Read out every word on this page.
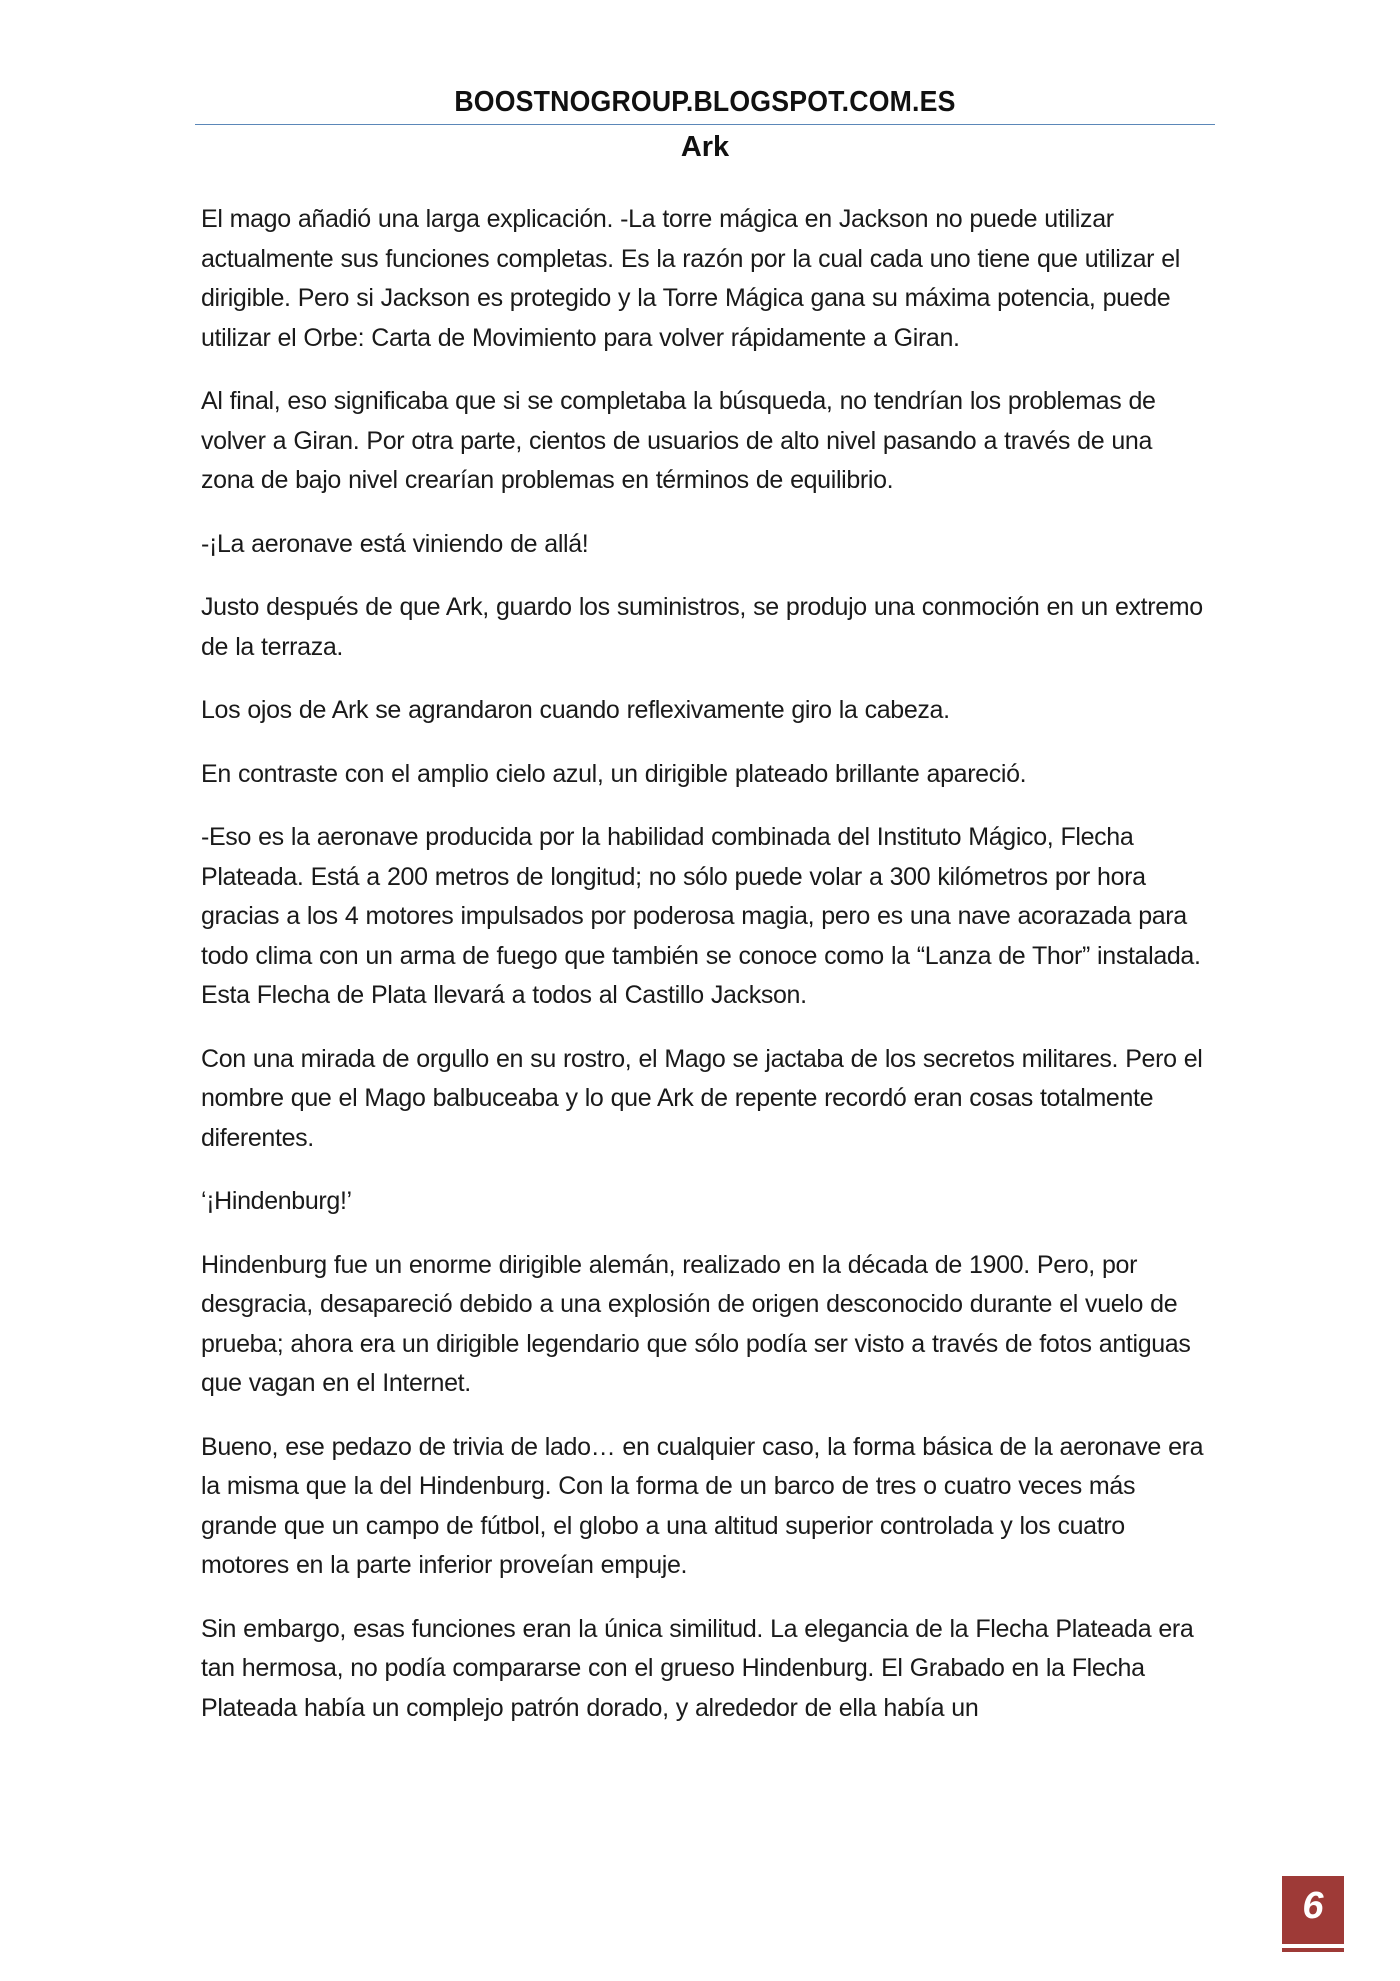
BOOSTNOGROUP.BLOGSPOT.COM.ES
Ark

El mago añadió una larga explicación. -La torre mágica en Jackson no puede utilizar actualmente sus funciones completas. Es la razón por la cual cada uno tiene que utilizar el dirigible. Pero si Jackson es protegido y la Torre Mágica gana su máxima potencia, puede utilizar el Orbe: Carta de Movimiento para volver rápidamente a Giran.

Al final, eso significaba que si se completaba la búsqueda, no tendrían los problemas de volver a Giran. Por otra parte, cientos de usuarios de alto nivel pasando a través de una zona de bajo nivel crearían problemas en términos de equilibrio.

-¡La aeronave está viniendo de allá!

Justo después de que Ark, guardo los suministros, se produjo una conmoción en un extremo de la terraza.

Los ojos de Ark se agrandaron cuando reflexivamente giro la cabeza.

En contraste con el amplio cielo azul, un dirigible plateado brillante apareció.

-Eso es la aeronave producida por la habilidad combinada del Instituto Mágico, Flecha Plateada. Está a 200 metros de longitud; no sólo puede volar a 300 kilómetros por hora gracias a los 4 motores impulsados por poderosa magia, pero es una nave acorazada para todo clima con un arma de fuego que también se conoce como la “Lanza de Thor” instalada. Esta Flecha de Plata llevará a todos al Castillo Jackson.

Con una mirada de orgullo en su rostro, el Mago se jactaba de los secretos militares. Pero el nombre que el Mago balbuceaba y lo que Ark de repente recordó eran cosas totalmente diferentes.

‘¡Hindenburg!’

Hindenburg fue un enorme dirigible alemán, realizado en la década de 1900. Pero, por desgracia, desapareció debido a una explosión de origen desconocido durante el vuelo de prueba; ahora era un dirigible legendario que sólo podía ser visto a través de fotos antiguas que vagan en el Internet.

Bueno, ese pedazo de trivia de lado… en cualquier caso, la forma básica de la aeronave era la misma que la del Hindenburg. Con la forma de un barco de tres o cuatro veces más grande que un campo de fútbol, el globo a una altitud superior controlada y los cuatro motores en la parte inferior proveían empuje.

Sin embargo, esas funciones eran la única similitud. La elegancia de la Flecha Plateada era tan hermosa, no podía compararse con el grueso Hindenburg. El Grabado en la Flecha Plateada había un complejo patrón dorado, y alrededor de ella había un

6
